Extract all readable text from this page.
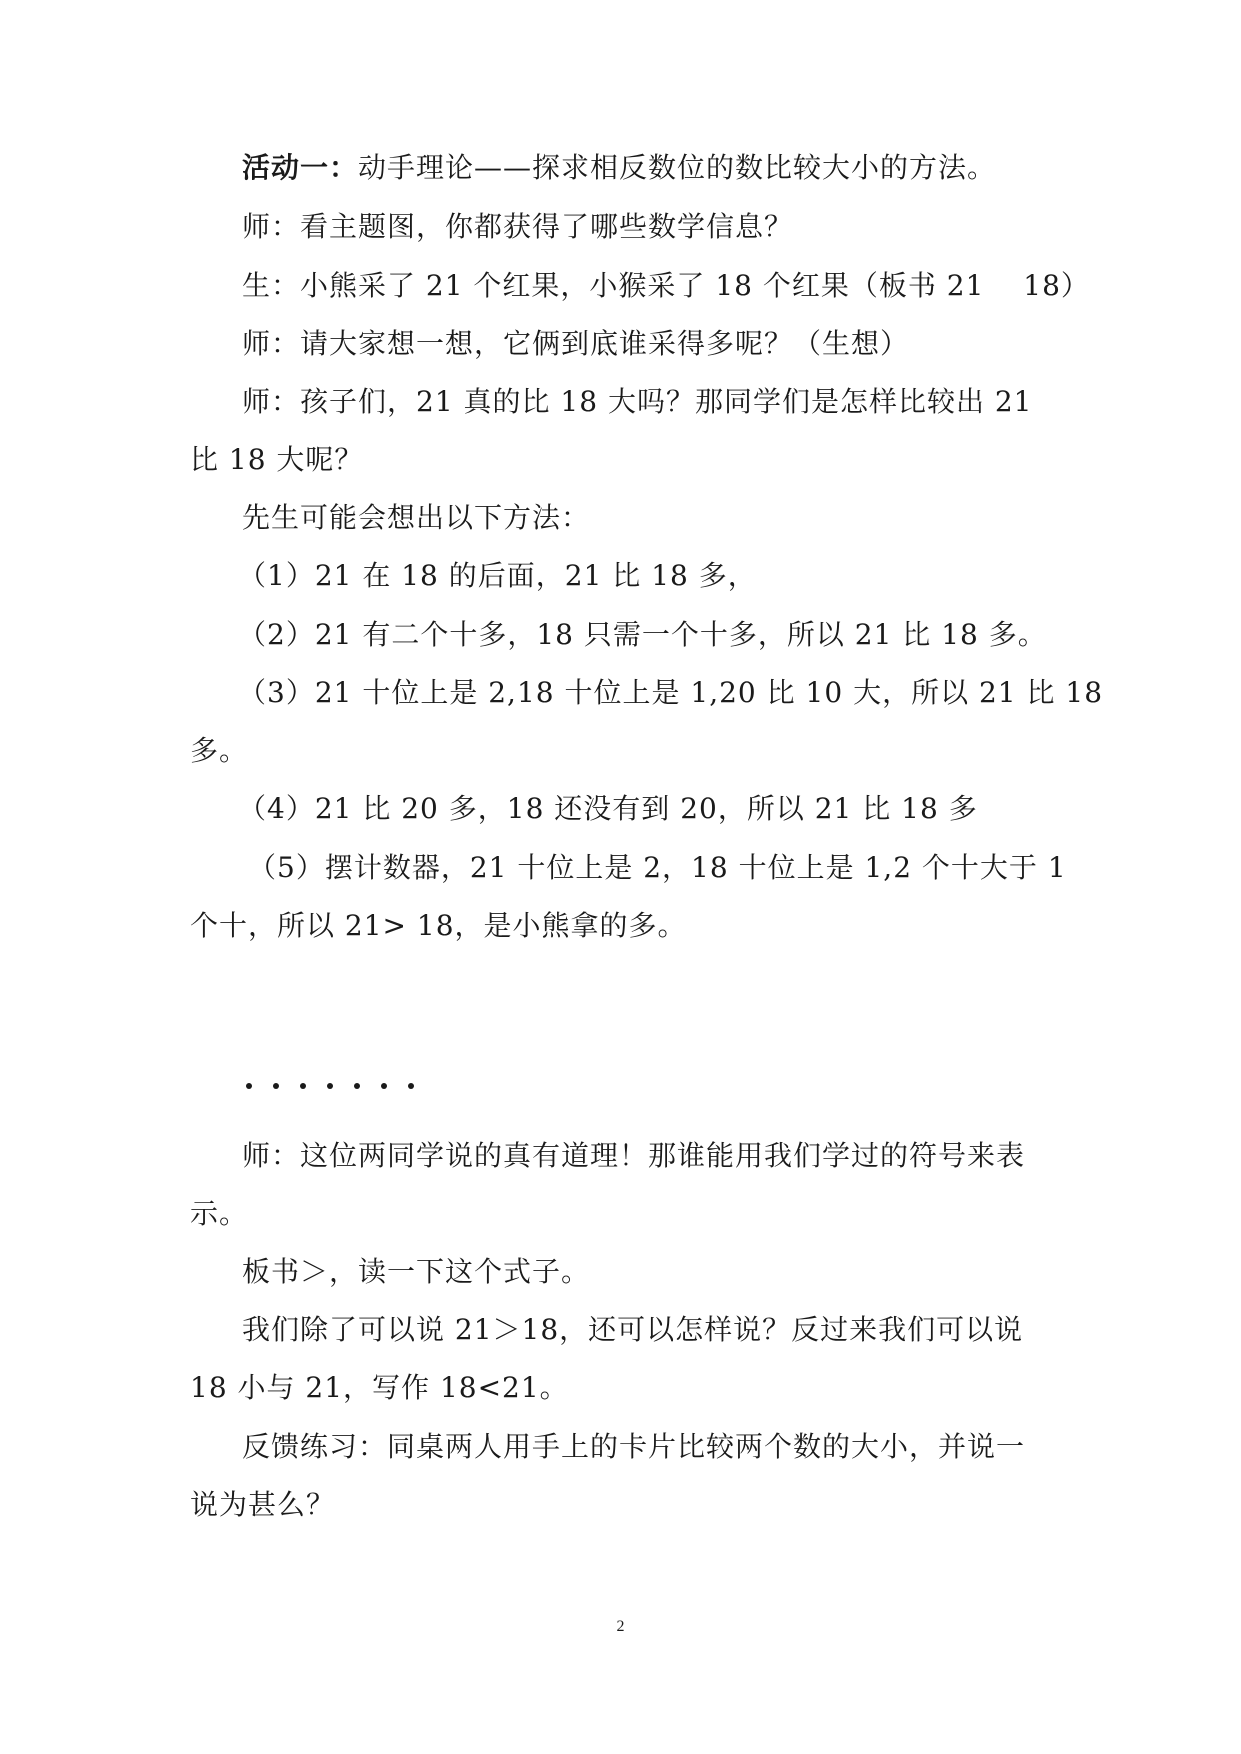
活动一：动手理论——探求相反数位的数比较大小的方法。
师：看主题图，你都获得了哪些数学信息？
生：小熊采了 21 个红果，小猴采了 18 个红果（板书 21　 18）
师：请大家想一想，它俩到底谁采得多呢？（生想）
师：孩子们，21 真的比 18 大吗？那同学们是怎样比较出 21
比 18 大呢？
先生可能会想出以下方法：
（1）21 在 18 的后面，21 比 18 多，
（2）21 有二个十多，18 只需一个十多，所以 21 比 18 多。
（3）21 十位上是 2,18 十位上是 1,20 比 10 大，所以 21 比 18
多。
（4）21 比 20 多，18 还没有到 20，所以 21 比 18 多
（5）摆计数器，21 十位上是 2，18 十位上是 1,2 个十大于 1
个十，所以 21> 18，是小熊拿的多。
师：这位两同学说的真有道理！那谁能用我们学过的符号来表
示。
板书＞，读一下这个式子。
我们除了可以说 21＞18，还可以怎样说？反过来我们可以说
18 小与 21，写作 18<21。
反馈练习：同桌两人用手上的卡片比较两个数的大小，并说一
说为甚么？
2
